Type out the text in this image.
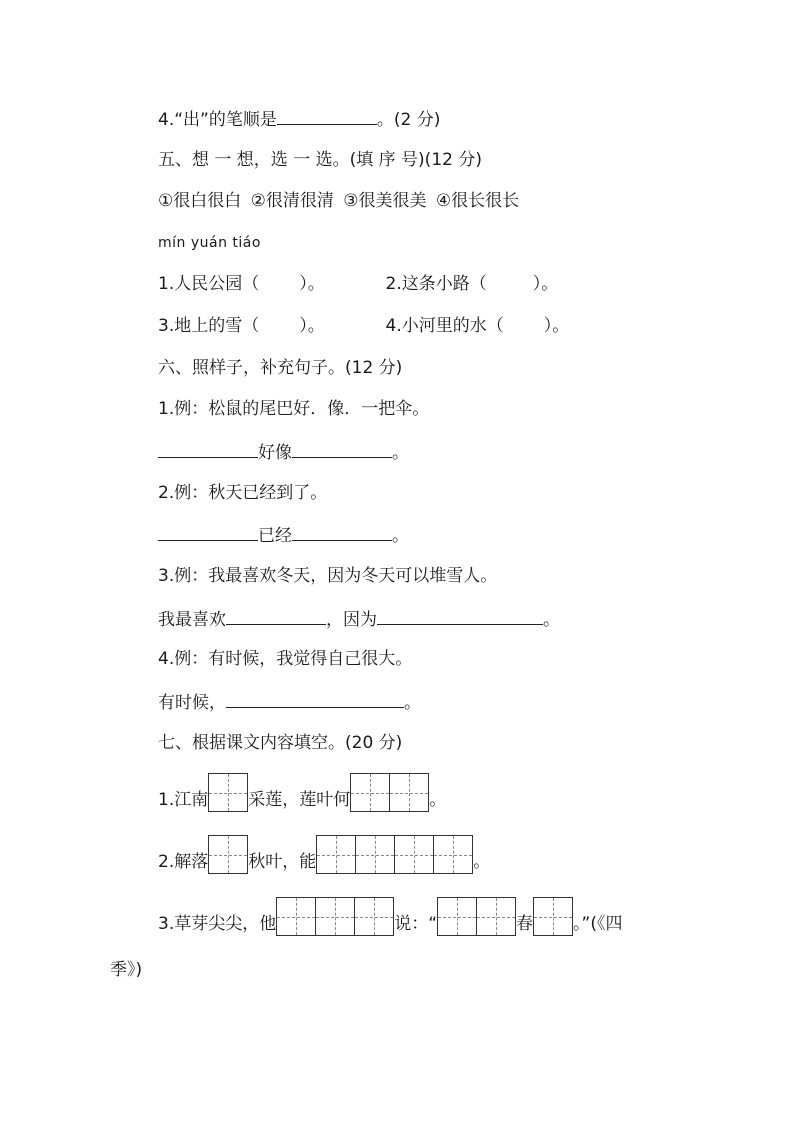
4.“出”的笔顺是	。(2 分)
五、想 一 想，选 一 选。(填 序 号)(12 分)
①很白很白 ②很清很清 ③很美很美 ④很长很长
mín yuán tiáo
1.人民公园（ ）。	2.这条小路（	）。
3.地上的雪（ ）。	4.小河里的水（ ）。
六、照样子，补充句子。(12 分)
1.例：松鼠的尾巴好．像．一把伞。
好像	。
2.例：秋天已经到了。
已经	。
3.例：我最喜欢冬天，因为冬天可以堆雪人。
我最喜欢	，因为	。
4.例：有时候，我觉得自己很大。
有时候，	。
七、根据课文内容填空。(20 分)
1.江南 采莲，莲叶何	。
2.解落 秋叶，能	。
3.草芽尖尖，他	说：“	春 。”(《四
季》)
